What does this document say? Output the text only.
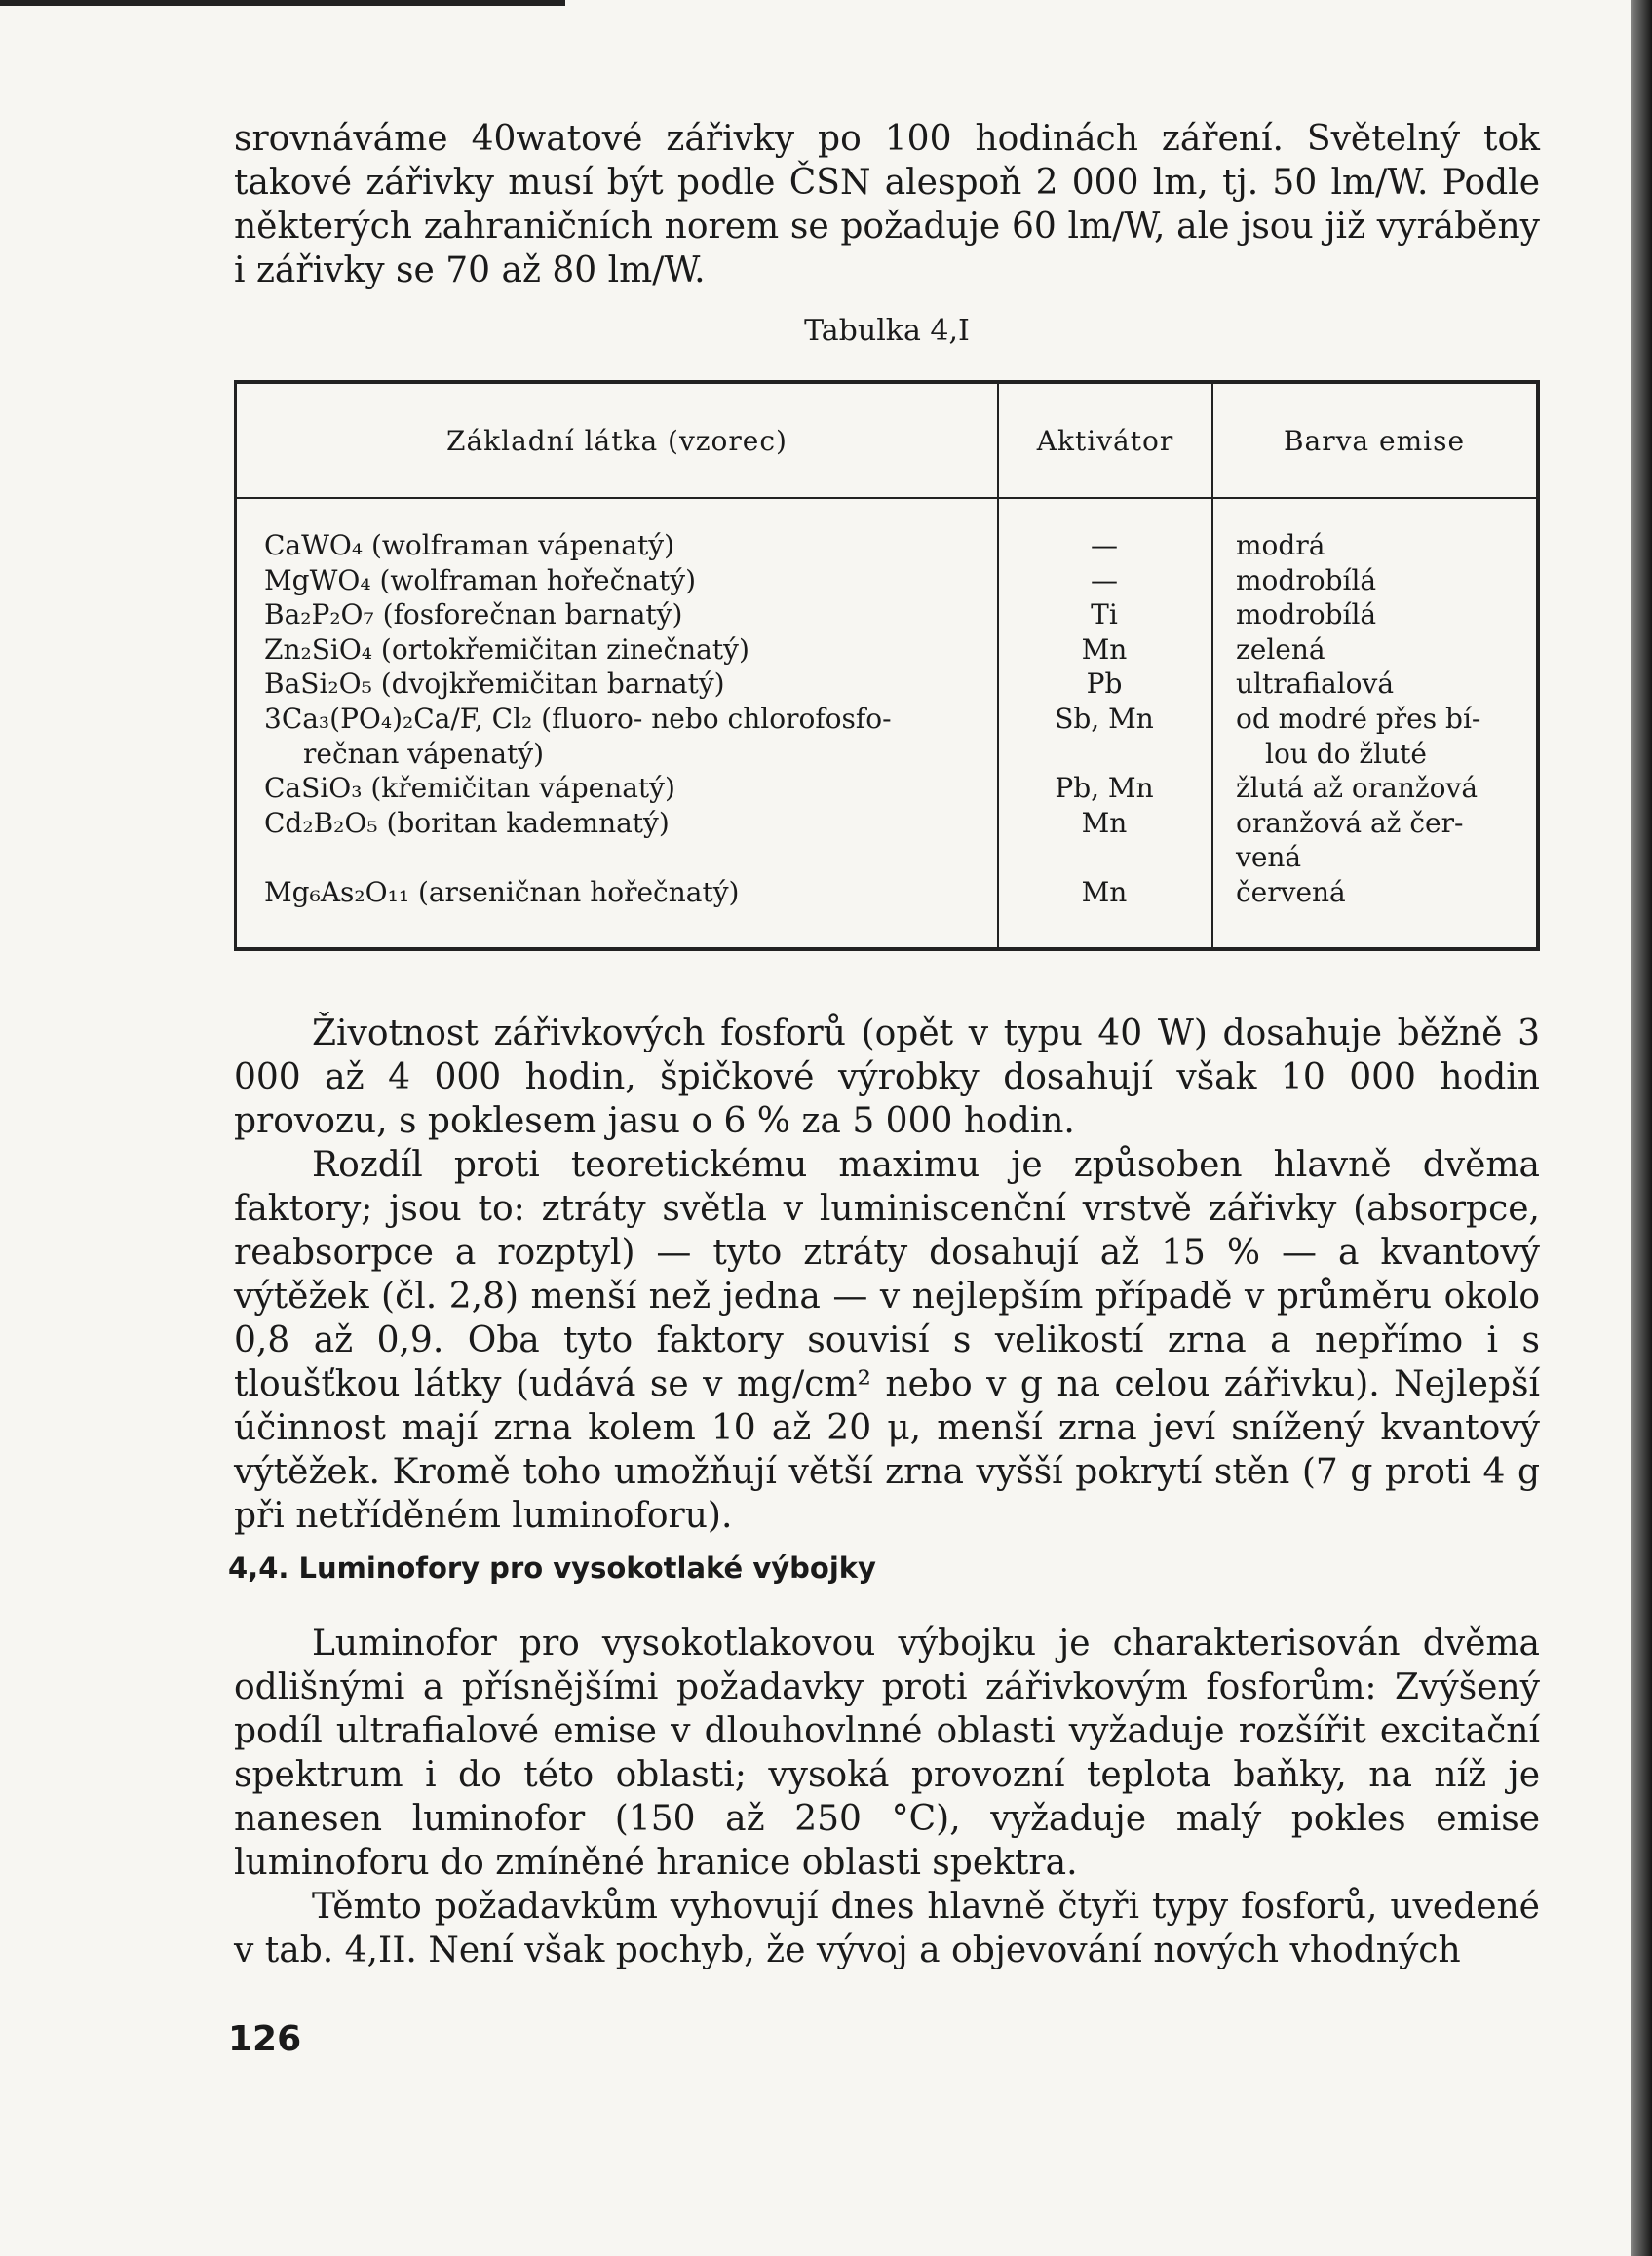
srovnáváme 40watové zářivky po 100 hodinách záření. Světelný tok takové zářivky musí být podle ČSN alespoň 2 000 lm, tj. 50 lm/W. Podle některých zahraničních norem se požaduje 60 lm/W, ale jsou již vyráběny i zářivky se 70 až 80 lm/W.

Tabulka 4,I
Základní látka (vzorec)	Aktivátor	Barva emise
CaWO₄ (wolframan vápenatý)
MgWO₄ (wolframan hořečnatý)
Ba₂P₂O₇ (fosforečnan barnatý)
Zn₂SiO₄ (ortokřemičitan zinečnatý)
BaSi₂O₅ (dvojkřemičitan barnatý)
3Ca₃(PO₄)₂Ca/F, Cl₂ (fluoro- nebo chlorofosfo-
rečnan vápenatý)
CaSiO₃ (křemičitan vápenatý)
Cd₂B₂O₅ (boritan kademnatý)
Mg₆As₂O₁₁ (arseničnan hořečnatý)
—
—
Ti
Mn
Pb
Sb, Mn
Pb, Mn
Mn
Mn
modrá
modrobílá
modrobílá
zelená
ultrafialová
od modré přes bí-
lou do žluté
žlutá až oranžová
oranžová až čer-
vená
červená

Životnost zářivkových fosforů (opět v typu 40 W) dosahuje běžně 3 000 až 4 000 hodin, špičkové výrobky dosahují však 10 000 hodin provozu, s poklesem jasu o 6 % za 5 000 hodin.

Rozdíl proti teoretickému maximu je způsoben hlavně dvěma faktory; jsou to: ztráty světla v luminiscenční vrstvě zářivky (absorpce, reabsorpce a rozptyl) — tyto ztráty dosahují až 15 % — a kvantový výtěžek (čl. 2,8) menší než jedna — v nejlepším případě v průměru okolo 0,8 až 0,9. Oba tyto faktory souvisí s velikostí zrna a nepřímo i s tloušťkou látky (udává se v mg/cm² nebo v g na celou zářivku). Nejlepší účinnost mají zrna kolem 10 až 20 μ, menší zrna jeví snížený kvantový výtěžek. Kromě toho umožňují větší zrna vyšší pokrytí stěn (7 g proti 4 g při netříděném luminoforu).

4,4. Luminofory pro vysokotlaké výbojky

Luminofor pro vysokotlakovou výbojku je charakterisován dvěma odlišnými a přísnějšími požadavky proti zářivkovým fosforům: Zvýšený podíl ultrafialové emise v dlouhovlnné oblasti vyžaduje rozšířit excitační spektrum i do této oblasti; vysoká provozní teplota baňky, na níž je nanesen luminofor (150 až 250 °C), vyžaduje malý pokles emise luminoforu do zmíněné hranice oblasti spektra.

Těmto požadavkům vyhovují dnes hlavně čtyři typy fosforů, uvedené v tab. 4,II. Není však pochyb, že vývoj a objevování nových vhodných

126
